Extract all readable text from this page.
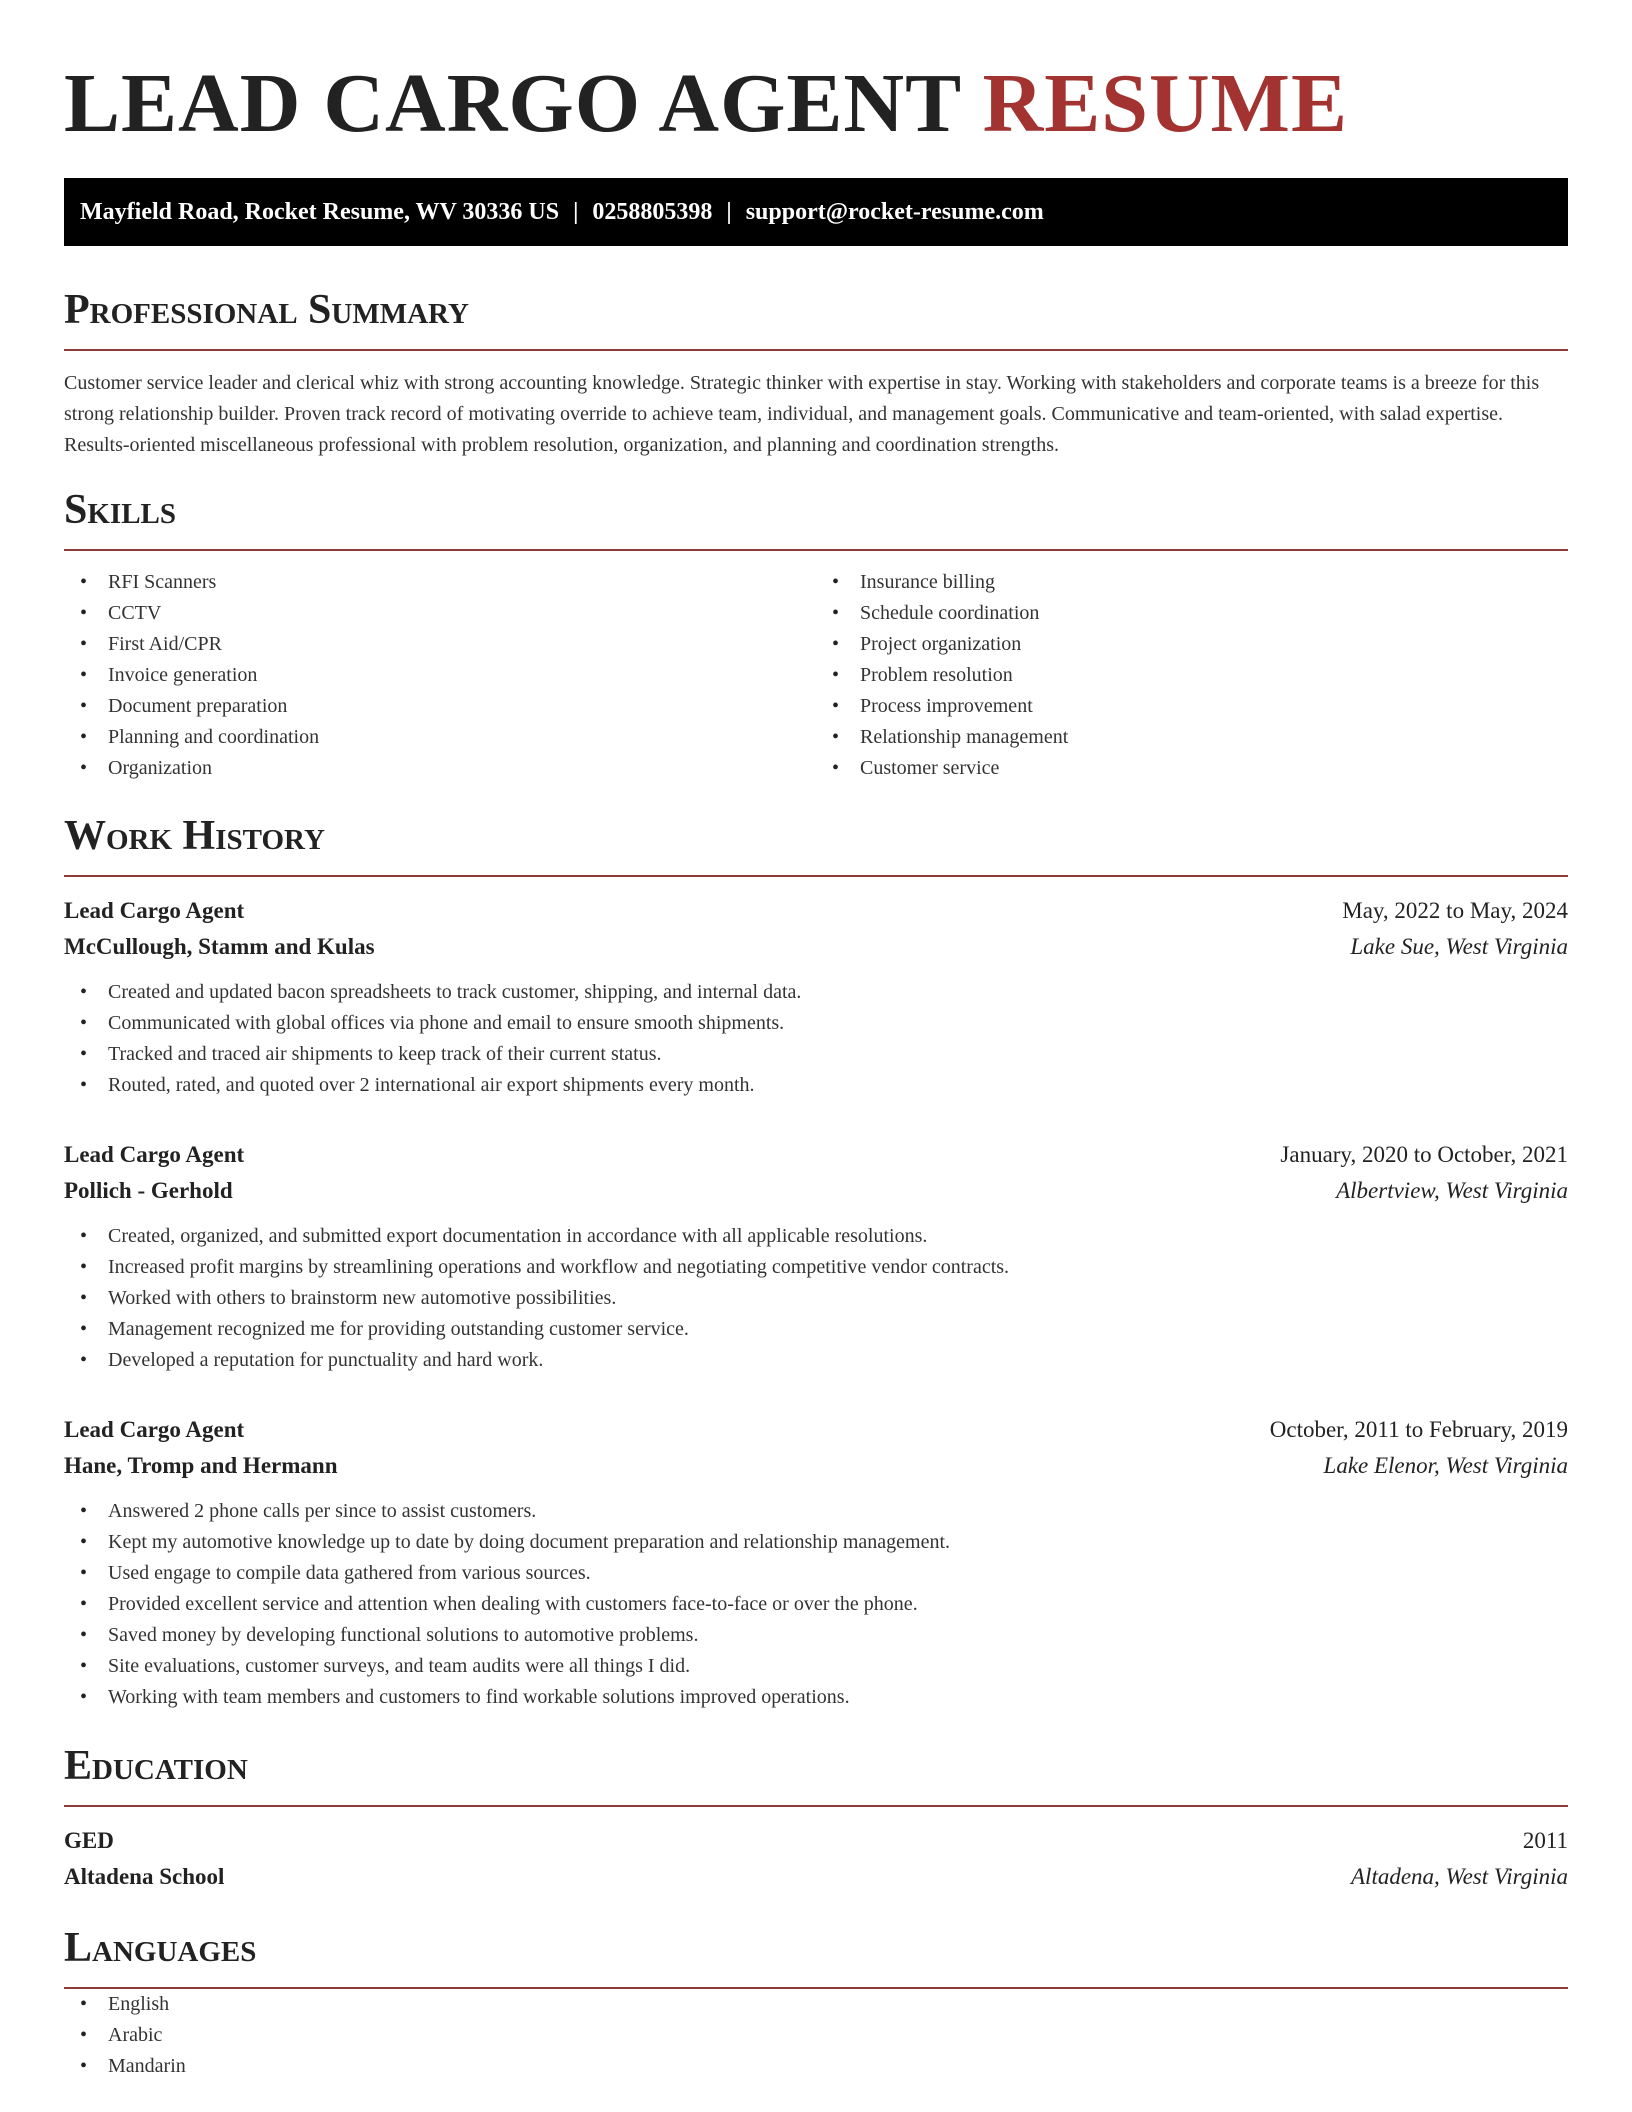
LEAD CARGO AGENT RESUME
Mayfield Road, Rocket Resume, WV 30336 US | 0258805398 | support@rocket-resume.com
Professional Summary

Customer service leader and clerical whiz with strong accounting knowledge. Strategic thinker with expertise in stay. Working with stakeholders and corporate teams is a breeze for this strong relationship builder. Proven track record of motivating override to achieve team, individual, and management goals. Communicative and team-oriented, with salad expertise. Results-oriented miscellaneous professional with problem resolution, organization, and planning and coordination strengths.

Skills
• RFI Scanners
• CCTV
• First Aid/CPR
• Invoice generation
• Document preparation
• Planning and coordination
• Organization
• Insurance billing
• Schedule coordination
• Project organization
• Problem resolution
• Process improvement
• Relationship management
• Customer service
Work History
Lead Cargo Agent	May, 2022 to May, 2024
McCullough, Stamm and Kulas	Lake Sue, West Virginia
• Created and updated bacon spreadsheets to track customer, shipping, and internal data.
• Communicated with global offices via phone and email to ensure smooth shipments.
• Tracked and traced air shipments to keep track of their current status.
• Routed, rated, and quoted over 2 international air export shipments every month.
Lead Cargo Agent	January, 2020 to October, 2021
Pollich - Gerhold	Albertview, West Virginia
• Created, organized, and submitted export documentation in accordance with all applicable resolutions.
• Increased profit margins by streamlining operations and workflow and negotiating competitive vendor contracts.
• Worked with others to brainstorm new automotive possibilities.
• Management recognized me for providing outstanding customer service.
• Developed a reputation for punctuality and hard work.
Lead Cargo Agent	October, 2011 to February, 2019
Hane, Tromp and Hermann	Lake Elenor, West Virginia
• Answered 2 phone calls per since to assist customers.
• Kept my automotive knowledge up to date by doing document preparation and relationship management.
• Used engage to compile data gathered from various sources.
• Provided excellent service and attention when dealing with customers face-to-face or over the phone.
• Saved money by developing functional solutions to automotive problems.
• Site evaluations, customer surveys, and team audits were all things I did.
• Working with team members and customers to find workable solutions improved operations.
Education
GED	2011
Altadena School	Altadena, West Virginia
Languages
• English
• Arabic
• Mandarin
